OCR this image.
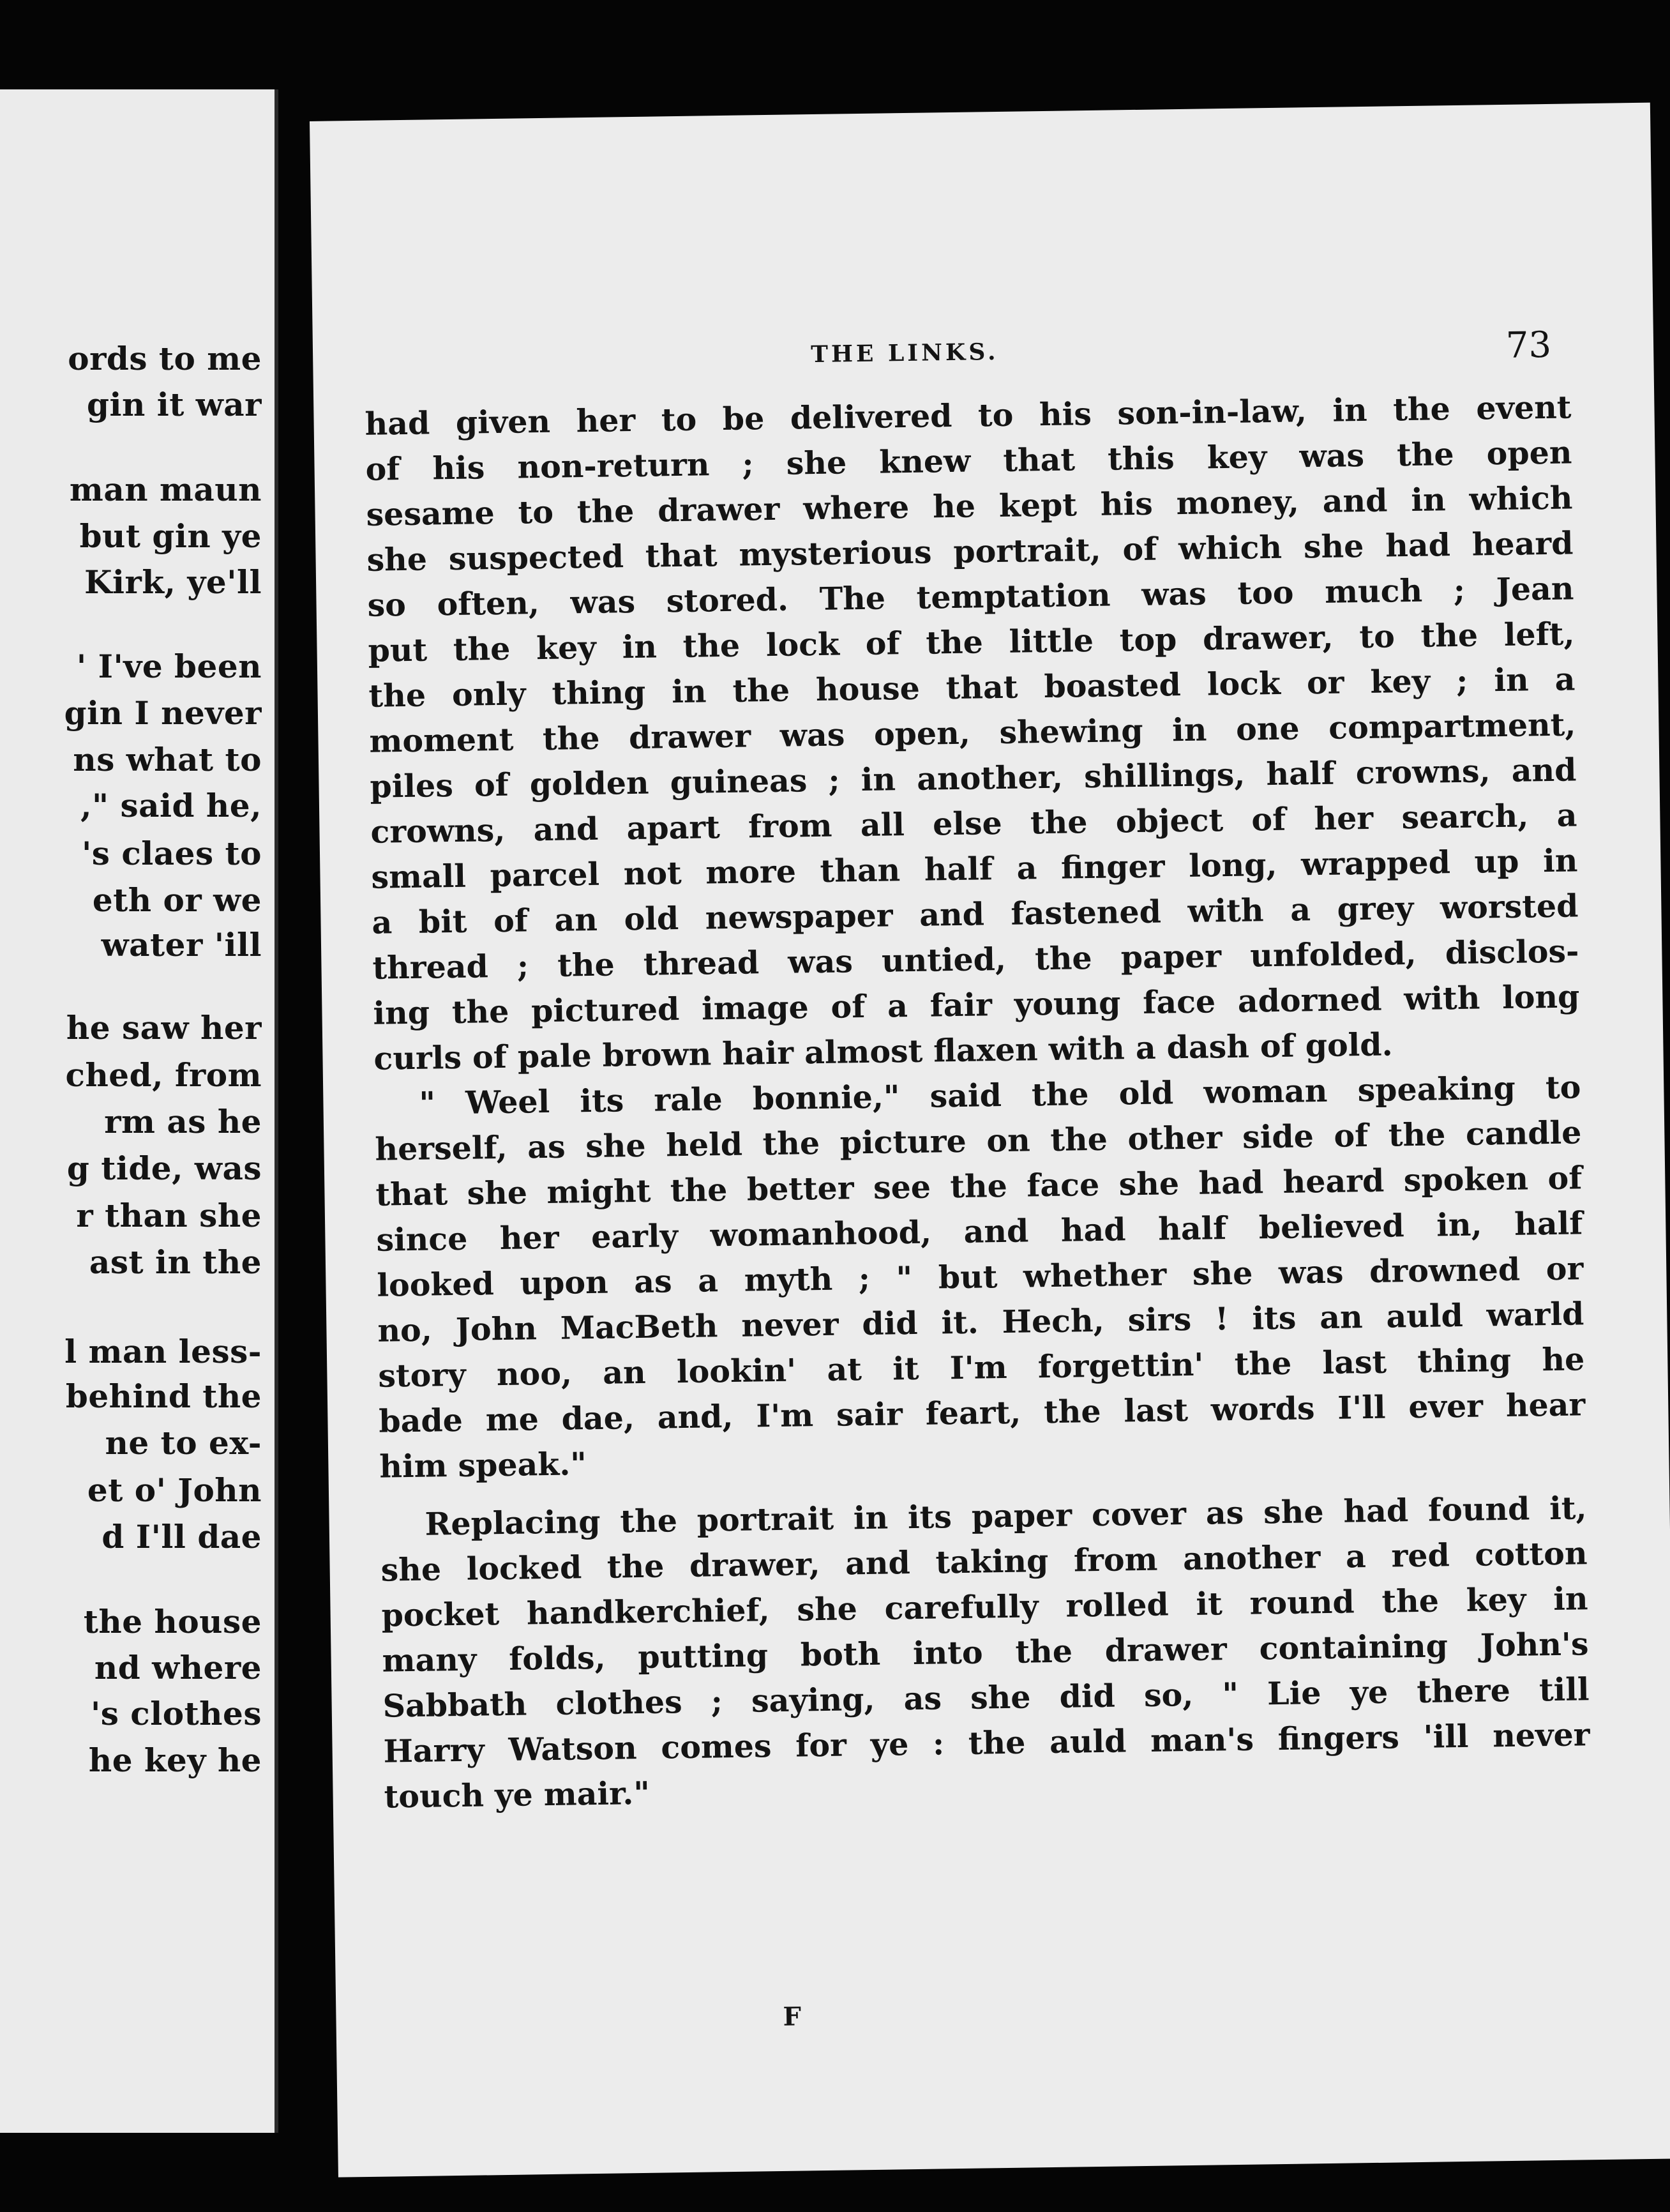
ords to me
gin it war
man maun
but gin ye
Kirk, ye'll
' I've been
gin I never
ns what to
," said he,
's claes to
eth or we
water 'ill
he saw her
ched, from
rm as he
g tide, was
r than she
ast in the
l man less-
behind the
ne to ex-
et o' John
d I'll dae
the house
nd where
's clothes
he key he
THE LINKS.	73
had given her to be delivered to his son-in-law, in the event
of his non-return ; she knew that this key was the open
sesame to the drawer where he kept his money, and in which
she suspected that mysterious portrait, of which she had heard
so often, was stored. The temptation was too much ; Jean
put the key in the lock of the little top drawer, to the left,
the only thing in the house that boasted lock or key ; in a
moment the drawer was open, shewing in one compartment,
piles of golden guineas ; in another, shillings, half crowns, and
crowns, and apart from all else the object of her search, a
small parcel not more than half a finger long, wrapped up in
a bit of an old newspaper and fastened with a grey worsted
thread ; the thread was untied, the paper unfolded, disclos-
ing the pictured image of a fair young face adorned with long
curls of pale brown hair almost flaxen with a dash of gold.
" Weel its rale bonnie," said the old woman speaking to
herself, as she held the picture on the other side of the candle
that she might the better see the face she had heard spoken of
since her early womanhood, and had half believed in, half
looked upon as a myth ; " but whether she was drowned or
no, John MacBeth never did it. Hech, sirs ! its an auld warld
story noo, an lookin' at it I'm forgettin' the last thing he
bade me dae, and, I'm sair feart, the last words I'll ever hear
him speak."
Replacing the portrait in its paper cover as she had found it,
she locked the drawer, and taking from another a red cotton
pocket handkerchief, she carefully rolled it round the key in
many folds, putting both into the drawer containing John's
Sabbath clothes ; saying, as she did so, " Lie ye there till
Harry Watson comes for ye : the auld man's fingers 'ill never
touch ye mair."
F
